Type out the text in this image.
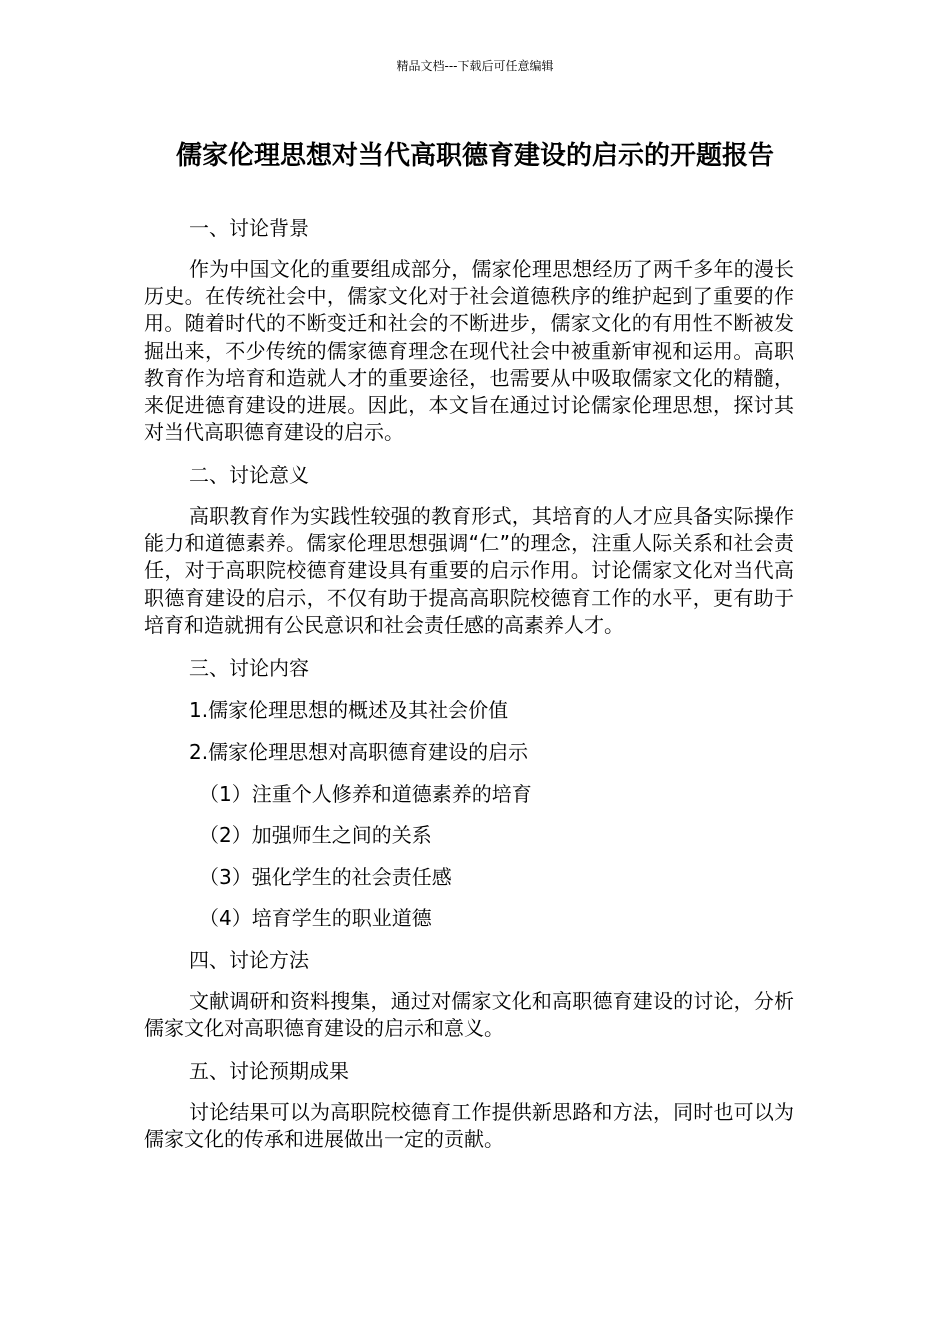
精品文档---下载后可任意编辑
儒家伦理思想对当代高职德育建设的启示的开题报告

一、讨论背景

作为中国文化的重要组成部分，儒家伦理思想经历了两千多年的漫长历史。在传统社会中，儒家文化对于社会道德秩序的维护起到了重要的作用。随着时代的不断变迁和社会的不断进步，儒家文化的有用性不断被发掘出来，不少传统的儒家德育理念在现代社会中被重新审视和运用。高职教育作为培育和造就人才的重要途径，也需要从中吸取儒家文化的精髓，来促进德育建设的进展。因此，本文旨在通过讨论儒家伦理思想，探讨其对当代高职德育建设的启示。

二、讨论意义

高职教育作为实践性较强的教育形式，其培育的人才应具备实际操作能力和道德素养。儒家伦理思想强调“仁”的理念，注重人际关系和社会责任，对于高职院校德育建设具有重要的启示作用。讨论儒家文化对当代高职德育建设的启示，不仅有助于提高高职院校德育工作的水平，更有助于培育和造就拥有公民意识和社会责任感的高素养人才。

三、讨论内容

1.儒家伦理思想的概述及其社会价值

2.儒家伦理思想对高职德育建设的启示

（1）注重个人修养和道德素养的培育

（2）加强师生之间的关系

（3）强化学生的社会责任感

（4）培育学生的职业道德

四、讨论方法

文献调研和资料搜集，通过对儒家文化和高职德育建设的讨论，分析儒家文化对高职德育建设的启示和意义。

五、讨论预期成果

讨论结果可以为高职院校德育工作提供新思路和方法，同时也可以为儒家文化的传承和进展做出一定的贡献。
